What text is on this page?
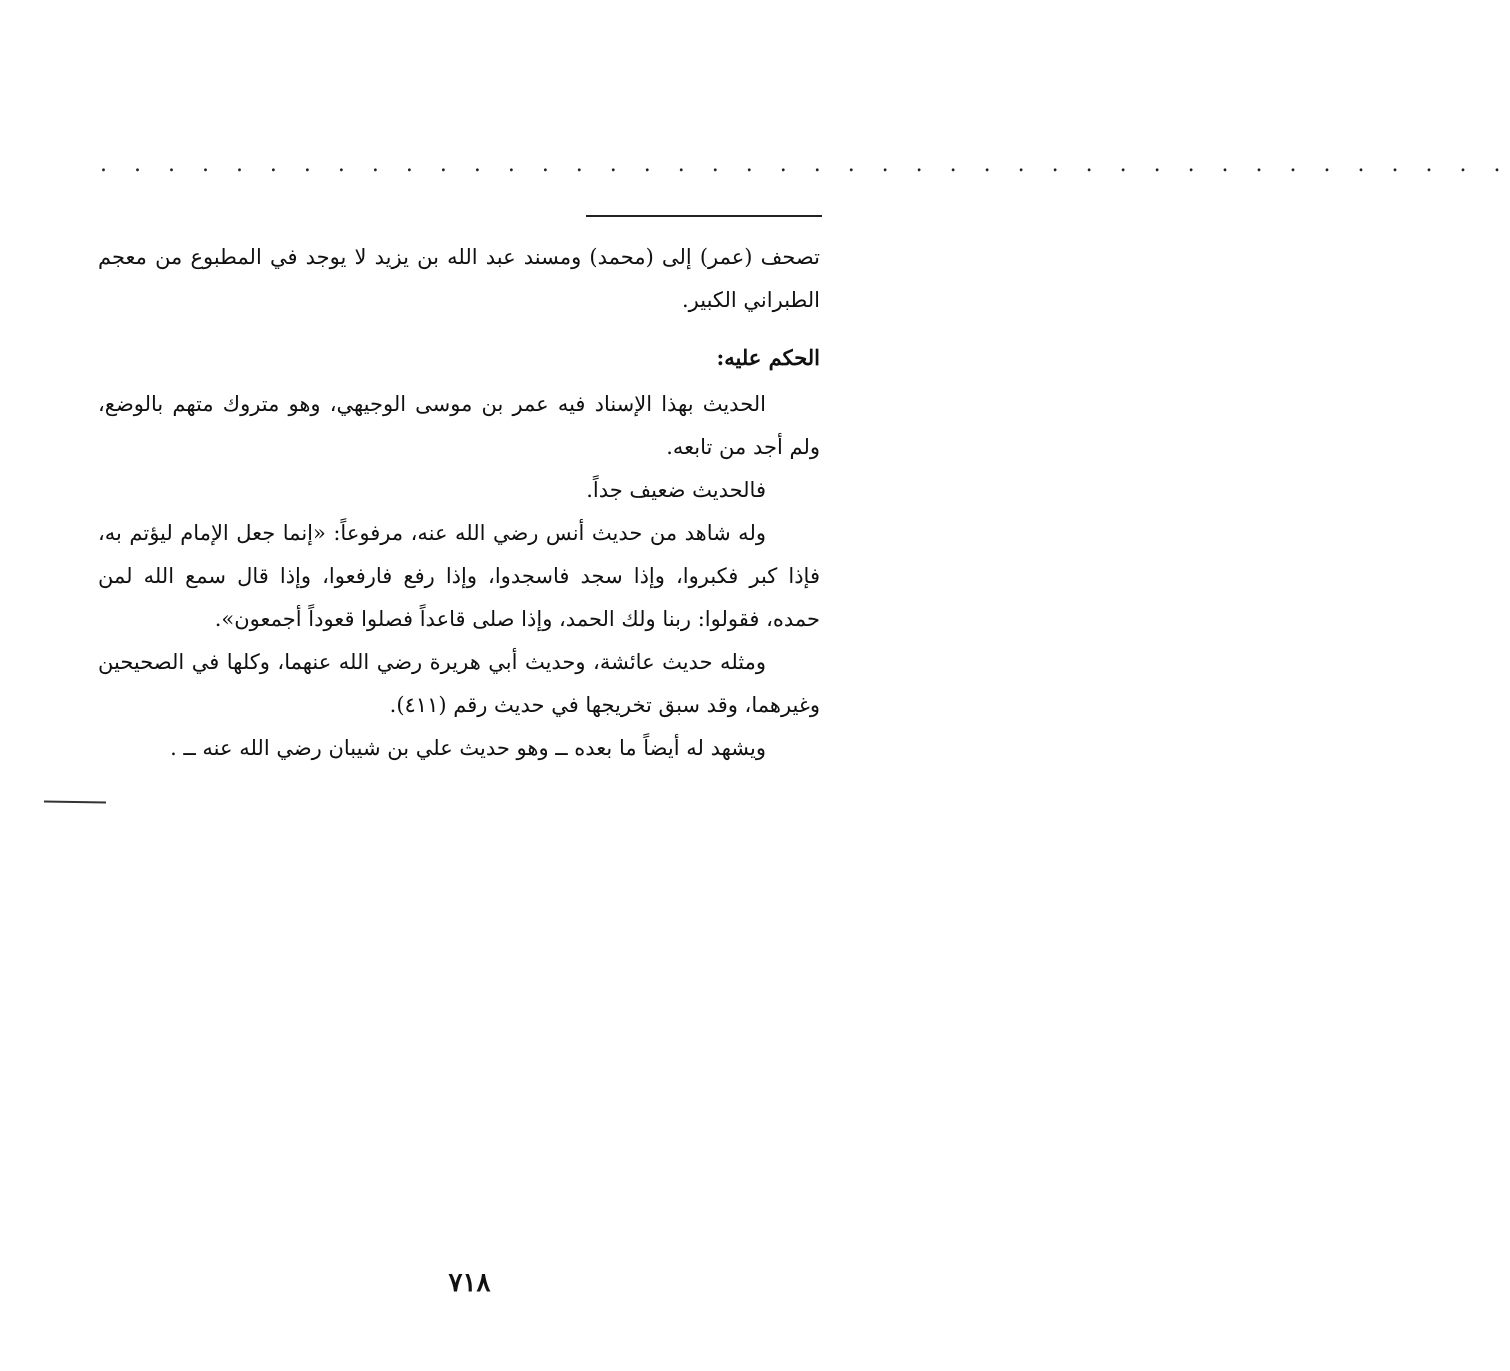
. . . . . . . . . . . . . . . . . . . . . . . . . . . . . . . . . . . . . . . . . .

تصحف (عمر) إلى (محمد) ومسند عبد الله بن يزيد لا يوجد في المطبوع من معجم الطبراني الكبير.

الحكم عليه:

الحديث بهذا الإسناد فيه عمر بن موسى الوجيهي، وهو متروك متهم بالوضع، ولم أجد من تابعه.

فالحديث ضعيف جداً.

وله شاهد من حديث أنس رضي الله عنه، مرفوعاً: «إنما جعل الإمام ليؤتم به، فإذا كبر فكبروا، وإذا سجد فاسجدوا، وإذا رفع فارفعوا، وإذا قال سمع الله لمن حمده، فقولوا: ربنا ولك الحمد، وإذا صلى قاعداً فصلوا قعوداً أجمعون».

ومثله حديث عائشة، وحديث أبي هريرة رضي الله عنهما، وكلها في الصحيحين وغيرهما، وقد سبق تخريجها في حديث رقم (٤١١).

ويشهد له أيضاً ما بعده ــ وهو حديث علي بن شيبان رضي الله عنه ــ .

٧١٨
